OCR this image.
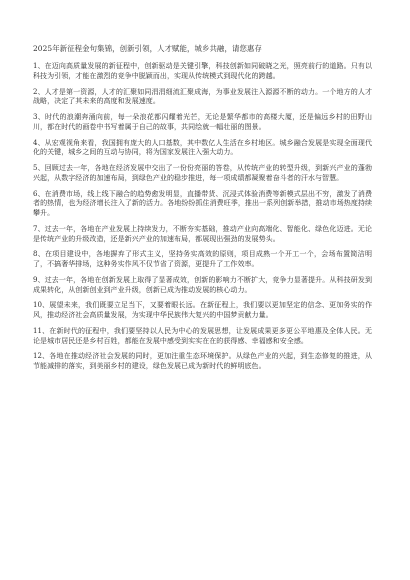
2025年新征程金句集锦，创新引领，人才赋能，城乡共融，请您惠存

1、在迈向高质量发展的新征程中，创新驱动是关键引擎，科技创新如同破晓之光，照亮前行的道路。只有以科技为引领，才能在激烈的竞争中脱颖而出，实现从传统模式到现代化的跨越。

2、人才是第一资源，人才的汇聚如同涓涓细流汇聚成海，为事业发展注入源源不断的动力。一个地方的人才战略，决定了其未来的高度和发展速度。

3、时代的浪潮奔涌向前，每一朵浪花都闪耀着光芒，无论是繁华都市的高楼大厦，还是偏远乡村的田野山川，都在时代的画卷中书写着属于自己的故事，共同绘就一幅壮丽的图景。

4、从宏观视角来看，我国拥有庞大的人口基数，其中数亿人生活在乡村地区。城乡融合发展是实现全面现代化的关键，城乡之间的互动与协同，将为国家发展注入强大动力。

5、回顾过去一年，各地在经济发展中交出了一份份亮丽的答卷，从传统产业的转型升级，到新兴产业的蓬勃兴起，从数字经济的加速布局，到绿色产业的稳步推进，每一项成绩都凝聚着奋斗者的汗水与智慧。

6、在消费市场，线上线下融合的趋势愈发明显，直播带货、沉浸式体验消费等新模式层出不穷，激发了消费者的热情，也为经济增长注入了新的活力。各地纷纷抓住消费旺季，推出一系列创新举措，推动市场热度持续攀升。

7、过去一年，各地在产业发展上持续发力，不断夯实基础，推动产业向高端化、智能化、绿色化迈进。无论是传统产业的升级改造，还是新兴产业的加速布局，都展现出强劲的发展势头。

8、在项目建设中，各地摒弃了形式主义，坚持务实高效的原则，项目成熟一个开工一个，会场布置简洁明了，不搞奢华排场，这种务实作风不仅节省了资源，更提升了工作效率。

9、过去一年，各地在创新发展上取得了显著成效，创新的影响力不断扩大，竞争力显著提升。从科技研发到成果转化，从创新创业到产业升级，创新已成为推动发展的核心动力。

10、展望未来，我们既要立足当下，又要着眼长远。在新征程上，我们要以更加坚定的信念、更加务实的作风，推动经济社会高质量发展，为实现中华民族伟大复兴的中国梦贡献力量。

11、在新时代的征程中，我们要坚持以人民为中心的发展思想，让发展成果更多更公平地惠及全体人民。无论是城市居民还是乡村百姓，都能在发展中感受到实实在在的获得感、幸福感和安全感。

12、各地在推动经济社会发展的同时，更加注重生态环境保护。从绿色产业的兴起，到生态修复的推进，从节能减排的落实，到美丽乡村的建设，绿色发展已成为新时代的鲜明底色。
